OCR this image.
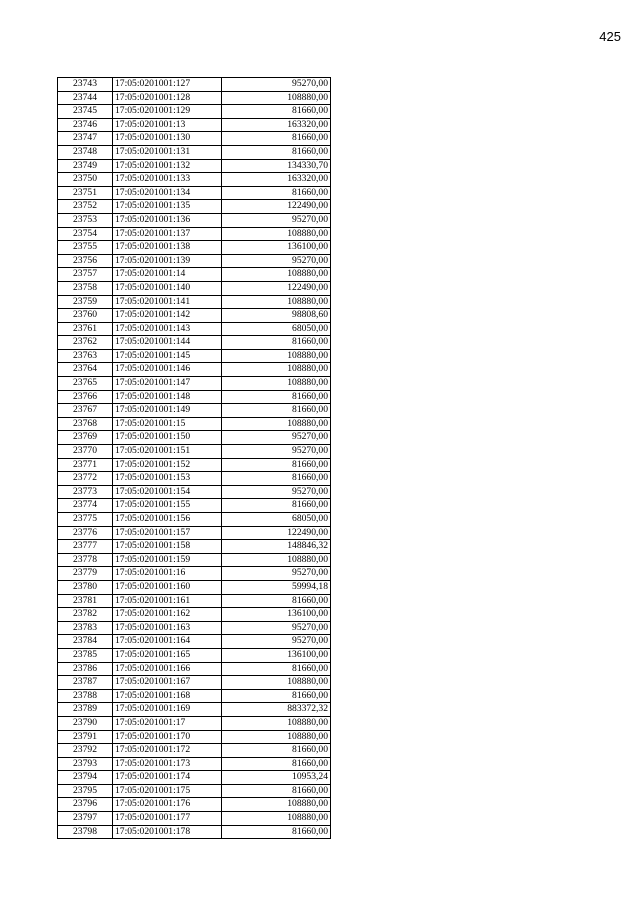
425
23743	17:05:0201001:127	95270,00
23744	17:05:0201001:128	108880,00
23745	17:05:0201001:129	81660,00
23746	17:05:0201001:13	163320,00
23747	17:05:0201001:130	81660,00
23748	17:05:0201001:131	81660,00
23749	17:05:0201001:132	134330,70
23750	17:05:0201001:133	163320,00
23751	17:05:0201001:134	81660,00
23752	17:05:0201001:135	122490,00
23753	17:05:0201001:136	95270,00
23754	17:05:0201001:137	108880,00
23755	17:05:0201001:138	136100,00
23756	17:05:0201001:139	95270,00
23757	17:05:0201001:14	108880,00
23758	17:05:0201001:140	122490,00
23759	17:05:0201001:141	108880,00
23760	17:05:0201001:142	98808,60
23761	17:05:0201001:143	68050,00
23762	17:05:0201001:144	81660,00
23763	17:05:0201001:145	108880,00
23764	17:05:0201001:146	108880,00
23765	17:05:0201001:147	108880,00
23766	17:05:0201001:148	81660,00
23767	17:05:0201001:149	81660,00
23768	17:05:0201001:15	108880,00
23769	17:05:0201001:150	95270,00
23770	17:05:0201001:151	95270,00
23771	17:05:0201001:152	81660,00
23772	17:05:0201001:153	81660,00
23773	17:05:0201001:154	95270,00
23774	17:05:0201001:155	81660,00
23775	17:05:0201001:156	68050,00
23776	17:05:0201001:157	122490,00
23777	17:05:0201001:158	148846,32
23778	17:05:0201001:159	108880,00
23779	17:05:0201001:16	95270,00
23780	17:05:0201001:160	59994,18
23781	17:05:0201001:161	81660,00
23782	17:05:0201001:162	136100,00
23783	17:05:0201001:163	95270,00
23784	17:05:0201001:164	95270,00
23785	17:05:0201001:165	136100,00
23786	17:05:0201001:166	81660,00
23787	17:05:0201001:167	108880,00
23788	17:05:0201001:168	81660,00
23789	17:05:0201001:169	883372,32
23790	17:05:0201001:17	108880,00
23791	17:05:0201001:170	108880,00
23792	17:05:0201001:172	81660,00
23793	17:05:0201001:173	81660,00
23794	17:05:0201001:174	10953,24
23795	17:05:0201001:175	81660,00
23796	17:05:0201001:176	108880,00
23797	17:05:0201001:177	108880,00
23798	17:05:0201001:178	81660,00
